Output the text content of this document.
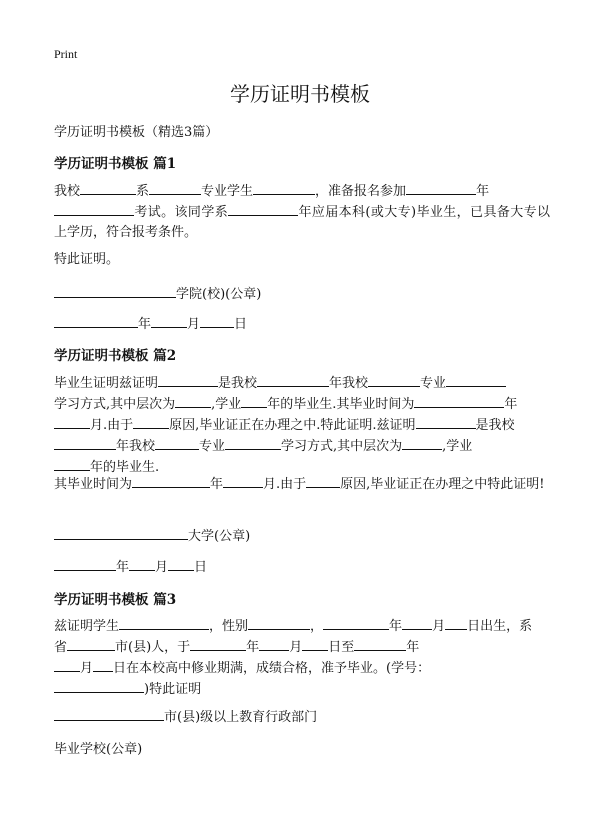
Print
学历证明书模板
学历证明书模板（精选3篇）
学历证明书模板 篇1
我校	系	专业学生	，准备报名参加	年
考试。该同学系	年应届本科(或大专)毕业生，已具备大专以上学历，符合报考条件。
特此证明。
学院(校)(公章)
年	月	日
学历证明书模板 篇2
毕业生证明兹证明	是我校	年我校	专业
学习方式,其中层次为	,学业 年的毕业生.其毕业时间为	年
月.由于	原因,毕业证正在办理之中.特此证明.兹证明	是我校
年我校	专业	学习方式,其中层次为	,学业
年的毕业生.
其毕业时间为	年	月.由于	原因,毕业证正在办理之中特此证明!
大学(公章)
年 月 日
学历证明书模板 篇3
兹证明学生	，性别	，	年 月 日出生，系
省	市(县)人，于	年 月 日至	年
月 日在本校高中修业期满，成绩合格，准予毕业。(学号：
)特此证明
市(县)级以上教育行政部门
毕业学校(公章)
